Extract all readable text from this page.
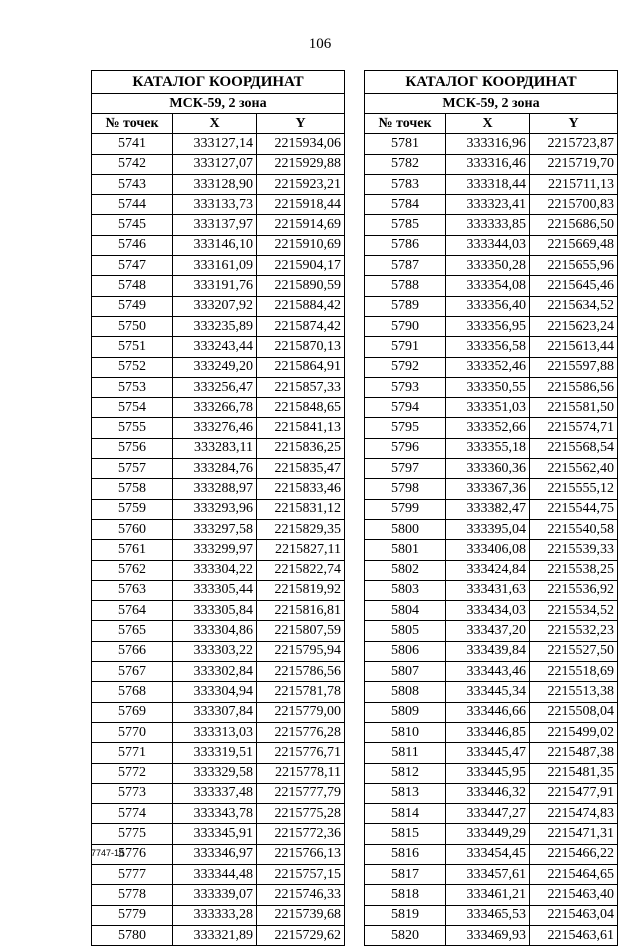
106
КАТАЛОГ КООРДИНАТ		
МСК-59, 2 зона		
№ точек	X	Y
5741	333127,14	2215934,06
5742	333127,07	2215929,88
5743	333128,90	2215923,21
5744	333133,73	2215918,44
5745	333137,97	2215914,69
5746	333146,10	2215910,69
5747	333161,09	2215904,17
5748	333191,76	2215890,59
5749	333207,92	2215884,42
5750	333235,89	2215874,42
5751	333243,44	2215870,13
5752	333249,20	2215864,91
5753	333256,47	2215857,33
5754	333266,78	2215848,65
5755	333276,46	2215841,13
5756	333283,11	2215836,25
5757	333284,76	2215835,47
5758	333288,97	2215833,46
5759	333293,96	2215831,12
5760	333297,58	2215829,35
5761	333299,97	2215827,11
5762	333304,22	2215822,74
5763	333305,44	2215819,92
5764	333305,84	2215816,81
5765	333304,86	2215807,59
5766	333303,22	2215795,94
5767	333302,84	2215786,56
5768	333304,94	2215781,78
5769	333307,84	2215779,00
5770	333313,03	2215776,28
5771	333319,51	2215776,71
5772	333329,58	2215778,11
5773	333337,48	2215777,79
5774	333343,78	2215775,28
5775	333345,91	2215772,36
5776	333346,97	2215766,13
5777	333344,48	2215757,15
5778	333339,07	2215746,33
5779	333333,28	2215739,68
5780	333321,89	2215729,62
КАТАЛОГ КООРДИНАТ		
МСК-59, 2 зона		
№ точек	X	Y
5781	333316,96	2215723,87
5782	333316,46	2215719,70
5783	333318,44	2215711,13
5784	333323,41	2215700,83
5785	333333,85	2215686,50
5786	333344,03	2215669,48
5787	333350,28	2215655,96
5788	333354,08	2215645,46
5789	333356,40	2215634,52
5790	333356,95	2215623,24
5791	333356,58	2215613,44
5792	333352,46	2215597,88
5793	333350,55	2215586,56
5794	333351,03	2215581,50
5795	333352,66	2215574,71
5796	333355,18	2215568,54
5797	333360,36	2215562,40
5798	333367,36	2215555,12
5799	333382,47	2215544,75
5800	333395,04	2215540,58
5801	333406,08	2215539,33
5802	333424,84	2215538,25
5803	333431,63	2215536,92
5804	333434,03	2215534,52
5805	333437,20	2215532,23
5806	333439,84	2215527,50
5807	333443,46	2215518,69
5808	333445,34	2215513,38
5809	333446,66	2215508,04
5810	333446,85	2215499,02
5811	333445,47	2215487,38
5812	333445,95	2215481,35
5813	333446,32	2215477,91
5814	333447,27	2215474,83
5815	333449,29	2215471,31
5816	333454,45	2215466,22
5817	333457,61	2215464,65
5818	333461,21	2215463,40
5819	333465,53	2215463,04
5820	333469,93	2215463,61
7747-18
